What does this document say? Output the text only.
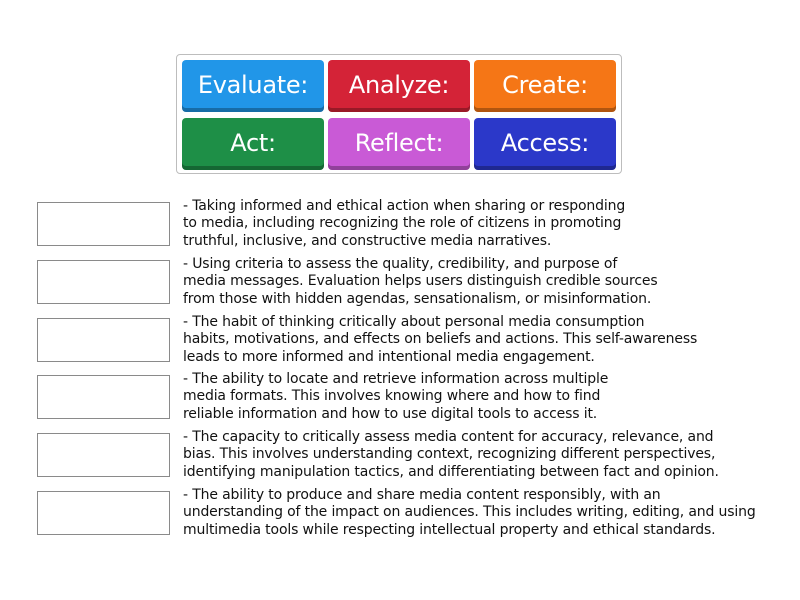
Evaluate: Analyze: Create:
Act:	Reflect: Access:
- Taking informed and ethical action when sharing or responding
to media, including recognizing the role of citizens in promoting
truthful, inclusive, and constructive media narratives.
- Using criteria to assess the quality, credibility, and purpose of
media messages. Evaluation helps users distinguish credible sources
from those with hidden agendas, sensationalism, or misinformation.
- The habit of thinking critically about personal media consumption
habits, motivations, and effects on beliefs and actions. This self-awareness
leads to more informed and intentional media engagement.
- The ability to locate and retrieve information across multiple
media formats. This involves knowing where and how to find
reliable information and how to use digital tools to access it.
- The capacity to critically assess media content for accuracy, relevance, and
bias. This involves understanding context, recognizing different perspectives,
identifying manipulation tactics, and differentiating between fact and opinion.
- The ability to produce and share media content responsibly, with an
understanding of the impact on audiences. This includes writing, editing, and using
multimedia tools while respecting intellectual property and ethical standards.
